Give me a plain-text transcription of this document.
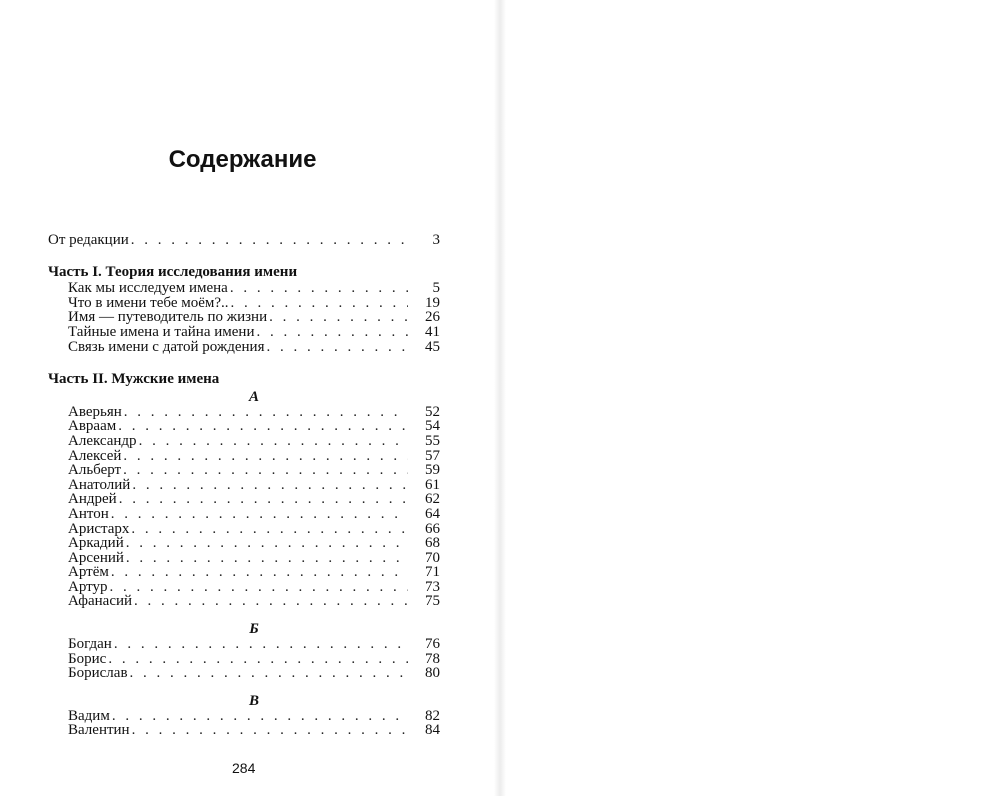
Содержание
От редакции . . .	3
Часть I. Теория исследования имени
Как мы исследуем имена . . .	5
Что в имени тебе моём?.. . . .	19
Имя — путеводитель по жизни . . .	26
Тайные имена и тайна имени . . .	41
Связь имени с датой рождения . . .	45
Часть II. Мужские имена
А
Аверьян . . .	52
Авраам . . .	54
Александр . . .	55
Алексей . . .	57
Альберт . . .	59
Анатолий . . .	61
Андрей . . .	62
Антон . . .	64
Аристарх . . .	66
Аркадий . . .	68
Арсений . . .	70
Артём . . .	71
Артур . . .	73
Афанасий . . .	75
Б
Богдан . . .	76
Борис . . .	78
Борислав . . .	80
В
Вадим . . .	82
Валентин . . .	84
284
